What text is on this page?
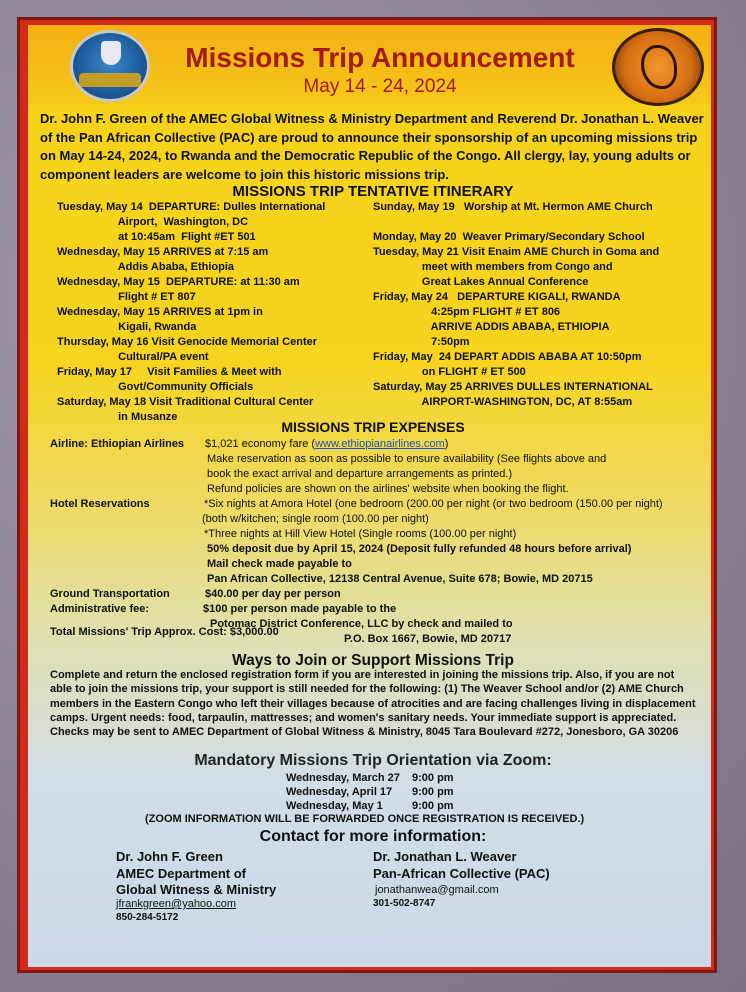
Missions Trip Announcement
May 14 - 24, 2024
Dr. John F. Green of the AMEC Global Witness & Ministry Department and Reverend Dr. Jonathan L. Weaver of the Pan African Collective (PAC) are proud to announce their sponsorship of an upcoming missions trip on May 14-24, 2024, to Rwanda and the Democratic Republic of the Congo. All clergy, lay, young adults or component leaders are welcome to join this historic missions trip.
MISSIONS TRIP TENTATIVE ITINERARY
Tuesday, May 14  DEPARTURE: Dulles International
Airport,  Washington, DC
at 10:45am  Flight #ET 501
Wednesday, May 15 ARRIVES at 7:15 am
Addis Ababa, Ethiopia
Wednesday, May 15  DEPARTURE: at 11:30 am
Flight # ET 807
Wednesday, May 15 ARRIVES at 1pm in
Kigali, Rwanda
Thursday, May 16 Visit Genocide Memorial Center
Cultural/PA event
Friday, May 17     Visit Families & Meet with
Govt/Community Officials
Saturday, May 18 Visit Traditional Cultural Center
in Musanze
Sunday, May 19   Worship at Mt. Hermon AME Church
Monday, May 20  Weaver Primary/Secondary School
Tuesday, May 21 Visit Enaim AME Church in Goma and
meet with members from Congo and
Great Lakes Annual Conference
Friday, May 24   DEPARTURE KIGALI, RWANDA
4:25pm FLIGHT # ET 806
ARRIVE ADDIS ABABA, ETHIOPIA
7:50pm
Friday, May  24 DEPART ADDIS ABABA AT 10:50pm
on FLIGHT # ET 500
Saturday, May 25 ARRIVES DULLES INTERNATIONAL
AIRPORT-WASHINGTON, DC, AT 8:55am
MISSIONS TRIP EXPENSES
Airline: Ethiopian Airlines	$1,021 economy fare (www.ethiopianairlines.com)
Make reservation as soon as possible to ensure availability (See flights above and
book the exact arrival and departure arrangements as printed.)
Refund policies are shown on the airlines' website when booking the flight.
Hotel Reservations	*Six nights at Amora Hotel (one bedroom (200.00 per night (or two bedroom (150.00 per night)
(both w/kitchen; single room (100.00 per night)
*Three nights at Hill View Hotel (Single rooms (100.00 per night)
50% deposit due by April 15, 2024 (Deposit fully refunded 48 hours before arrival)
Mail check made payable to
Pan African Collective, 12138 Central Avenue, Suite 678; Bowie, MD 20715
Ground Transportation	$40.00 per day per person
Administrative fee:	$100 per person made payable to the
Potomac District Conference, LLC by check and mailed to
P.O. Box 1667, Bowie, MD 20717
Total Missions' Trip Approx. Cost: $3,000.00
Ways to Join or Support Missions Trip
Complete and return the enclosed registration form if you are interested in joining the missions trip. Also, if you are not able to join the missions trip, your support is still needed for the following: (1) The Weaver School and/or (2) AME Church members in the Eastern Congo who left their villages because of atrocities and are facing challenges living in displacement camps. Urgent needs: food, tarpaulin, mattresses; and women's sanitary needs. Your immediate support is appreciated. Checks may be sent to AMEC Department of Global Witness & Ministry, 8045 Tara Boulevard #272, Jonesboro, GA 30206
Mandatory Missions Trip Orientation via Zoom:
Wednesday, March 27 9:00 pm
Wednesday, April 17 9:00 pm
Wednesday, May 1	9:00 pm
(ZOOM INFORMATION WILL BE FORWARDED ONCE REGISTRATION IS RECEIVED.)
Contact for more information:
Dr. John F. Green
AMEC Department of
Global Witness & Ministry
jfrankgreen@yahoo.com
850-284-5172
Dr. Jonathan L. Weaver
Pan-African Collective (PAC)
jonathanwea@gmail.com
301-502-8747
